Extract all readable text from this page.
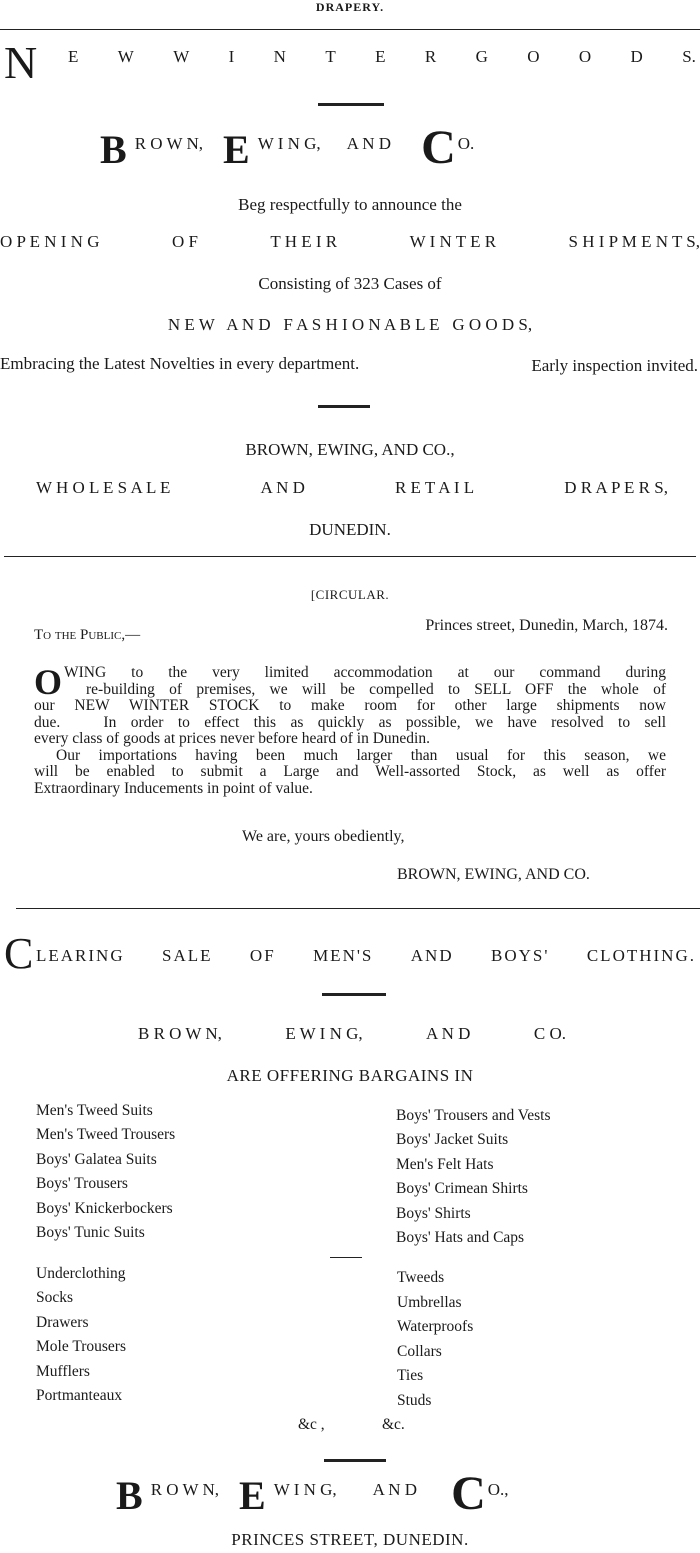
DRAPERY.
N E W W I N T E R G O O D S.
B R O W N, E W I N G, A N D C O.
Beg respectfully to announce the
O P E N I N G	O F	T H E I R	W I N T E R	S H I P M E N T S,
Consisting of 323 Cases of
N E W   A N D   F A S H I O N A B L E   G O O D S,
Embracing the Latest Novelties in every department.	Early inspection invited.
BROWN, EWING, AND CO.,
W H O L E S A L E	A N D	R E T A I L	D R A P E R S,
DUNEDIN.
[CIRCULAR.
Princes street, Dunedin, March, 1874.
To the Public,—
O WING to the very limited accommodation at our command during
re-building of premises, we will be compelled to SELL OFF the whole of
our NEW WINTER STOCK to make room for other large shipments now
due.   In order to effect this as quickly as possible, we have resolved to sell
every class of goods at prices never before heard of in Dunedin.
Our importations having been much larger than usual for this season, we
will be enabled to submit a Large and Well-assorted Stock, as well as offer
Extraordinary Inducements in point of value.
We are, yours obediently,
BROWN, EWING, AND CO.
C LEARING SALE OF MEN'S AND BOYS' CLOTHING.
B R O W N,	E W I N G,	A N D	C O.
ARE OFFERING BARGAINS IN
Men's Tweed Suits
Men's Tweed Trousers
Boys' Galatea Suits
Boys' Trousers
Boys' Knickerbockers
Boys' Tunic Suits
Boys' Trousers and Vests
Boys' Jacket Suits
Men's Felt Hats
Boys' Crimean Shirts
Boys' Shirts
Boys' Hats and Caps
Underclothing
Socks
Drawers
Mole Trousers
Mufflers
Portmanteaux
Tweeds
Umbrellas
Waterproofs
Collars
Ties
Studs
&c ,	&c.
B R O W N, E W I N G, A N D C O.,
PRINCES STREET, DUNEDIN.
